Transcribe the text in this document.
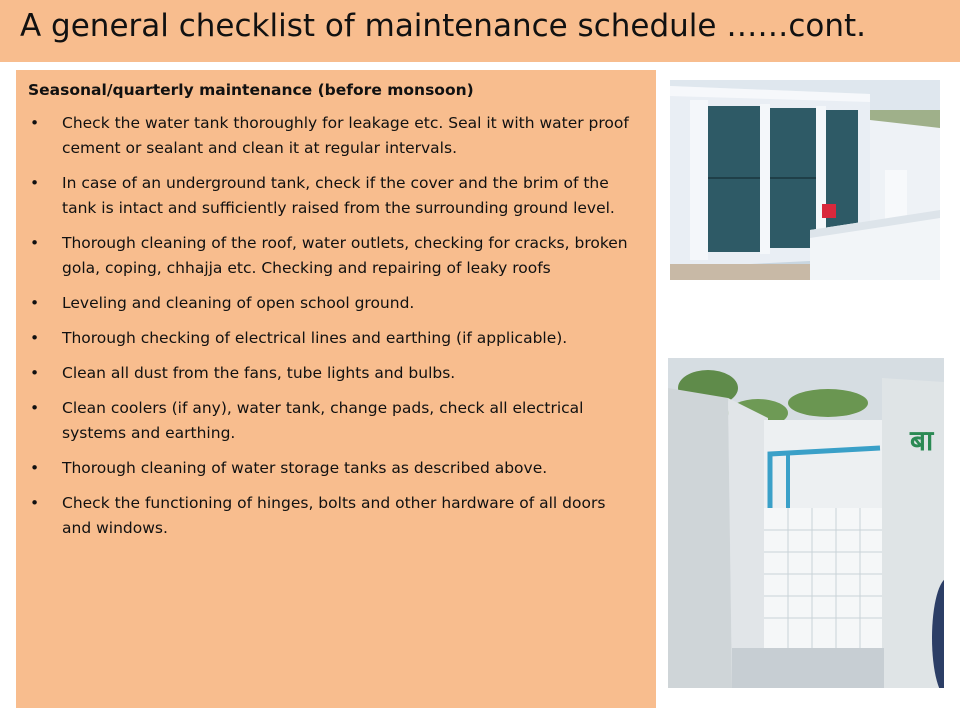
A general checklist of maintenance schedule ……cont.
Seasonal/quarterly maintenance (before monsoon)
• Check the water tank thoroughly for leakage etc. Seal it with water proof cement or sealant and clean it at regular intervals.
• In case of an underground tank, check if the cover and the brim of the tank is intact and sufficiently raised from the surrounding ground level.
• Thorough cleaning of the roof, water outlets, checking for cracks, broken gola, coping, chhajja etc. Checking and repairing of leaky roofs
• Leveling and cleaning of open school ground.
• Thorough checking of electrical lines and earthing (if applicable).
• Clean all dust from the fans, tube lights and bulbs.
• Clean coolers (if any), water tank, change pads, check all electrical systems and earthing.
• Thorough cleaning of water storage tanks as described above.
• Check the functioning of hinges, bolts and other hardware of all doors and windows.
बा
